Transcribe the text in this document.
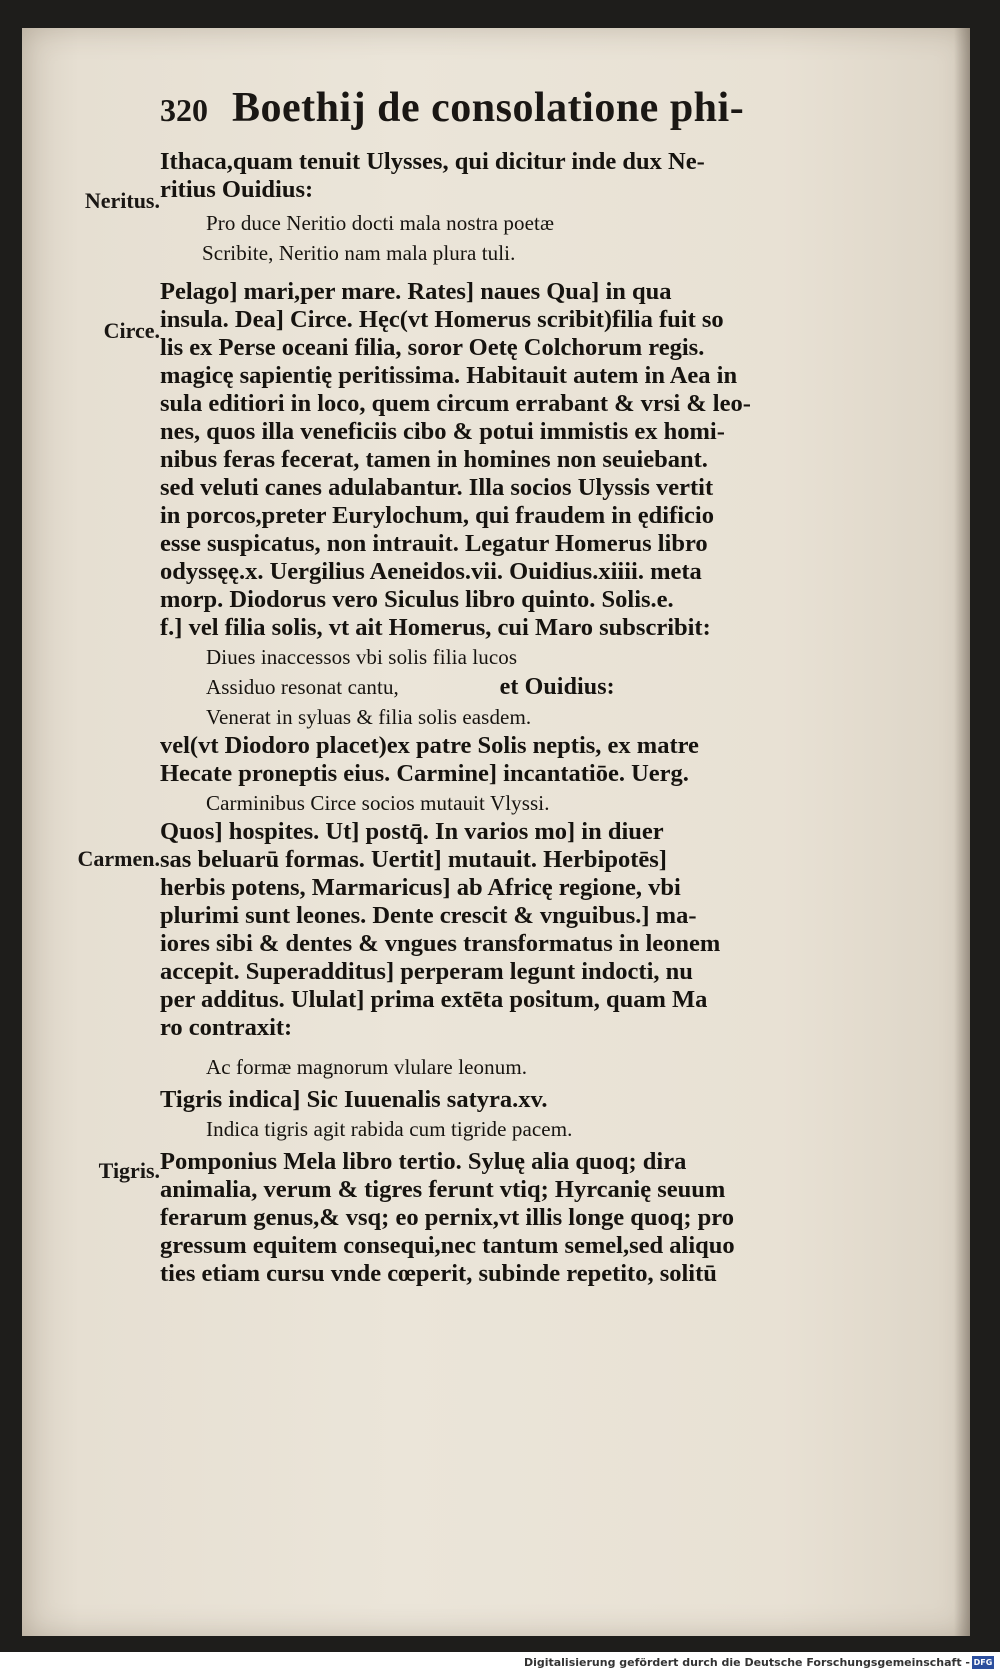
320 Boethij de consolatione phi-
Neritus.
Circe.
Carmen.
Tigris.
Ithaca,quam tenuit Ulysses, qui dicitur inde dux Ne-
ritius Ouidius:
Pro duce Neritio docti mala nostra poetæ
Scribite, Neritio nam mala plura tuli.
Pelago] mari,per mare. Rates] naues Qua] in qua
insula. Dea] Circe. Hęc(vt Homerus scribit)filia fuit so
lis ex Perse oceani filia, soror Oetę Colchorum regis.
magicę sapientię peritissima. Habitauit autem in Aea in
sula editiori in loco, quem circum errabant & vrsi & leo-
nes, quos illa veneficiis cibo & potui immistis ex homi-
nibus feras fecerat, tamen in homines non seuiebant.
sed veluti canes adulabantur. Illa socios Ulyssis vertit
in porcos,preter Eurylochum, qui fraudem in ędificio
esse suspicatus, non intrauit. Legatur Homerus libro
odyssęę.x. Uergilius Aeneidos.vii. Ouidius.xiiii. meta
morp. Diodorus vero Siculus libro quinto. Solis.e.
f.] vel filia solis, vt ait Homerus, cui Maro subscribit:
Diues inaccessos vbi solis filia lucos
Assiduo resonat cantu,	et Ouidius:
Venerat in syluas & filia solis easdem.
vel(vt Diodoro placet)ex patre Solis neptis, ex matre
Hecate proneptis eius. Carmine] incantatiōe. Uerg.
Carminibus Circe socios mutauit Vlyssi.
Quos] hospites. Ut] postq̄. In varios mo] in diuer
sas beluarū formas. Uertit] mutauit. Herbipotēs]
herbis potens, Marmaricus] ab Africę regione, vbi
plurimi sunt leones. Dente crescit & vnguibus.] ma-
iores sibi & dentes & vngues transformatus in leonem
accepit. Superadditus] perperam legunt indocti, nu
per additus. Ululat] prima extēta positum, quam Ma
ro contraxit:
Ac formæ magnorum vlulare leonum.
Tigris indica] Sic Iuuenalis satyra.xv.
Indica tigris agit rabida cum tigride pacem.
Pomponius Mela libro tertio. Syluę alia quoq; dira
animalia, verum & tigres ferunt vtiq; Hyrcanię seuum
ferarum genus,& vsq; eo pernix,vt illis longe quoq; pro
gressum equitem consequi,nec tantum semel,sed aliquo
ties etiam cursu vnde cœperit, subinde repetito, solitū
Digitalisierung gefördert durch die Deutsche Forschungsgemeinschaft - DFG
